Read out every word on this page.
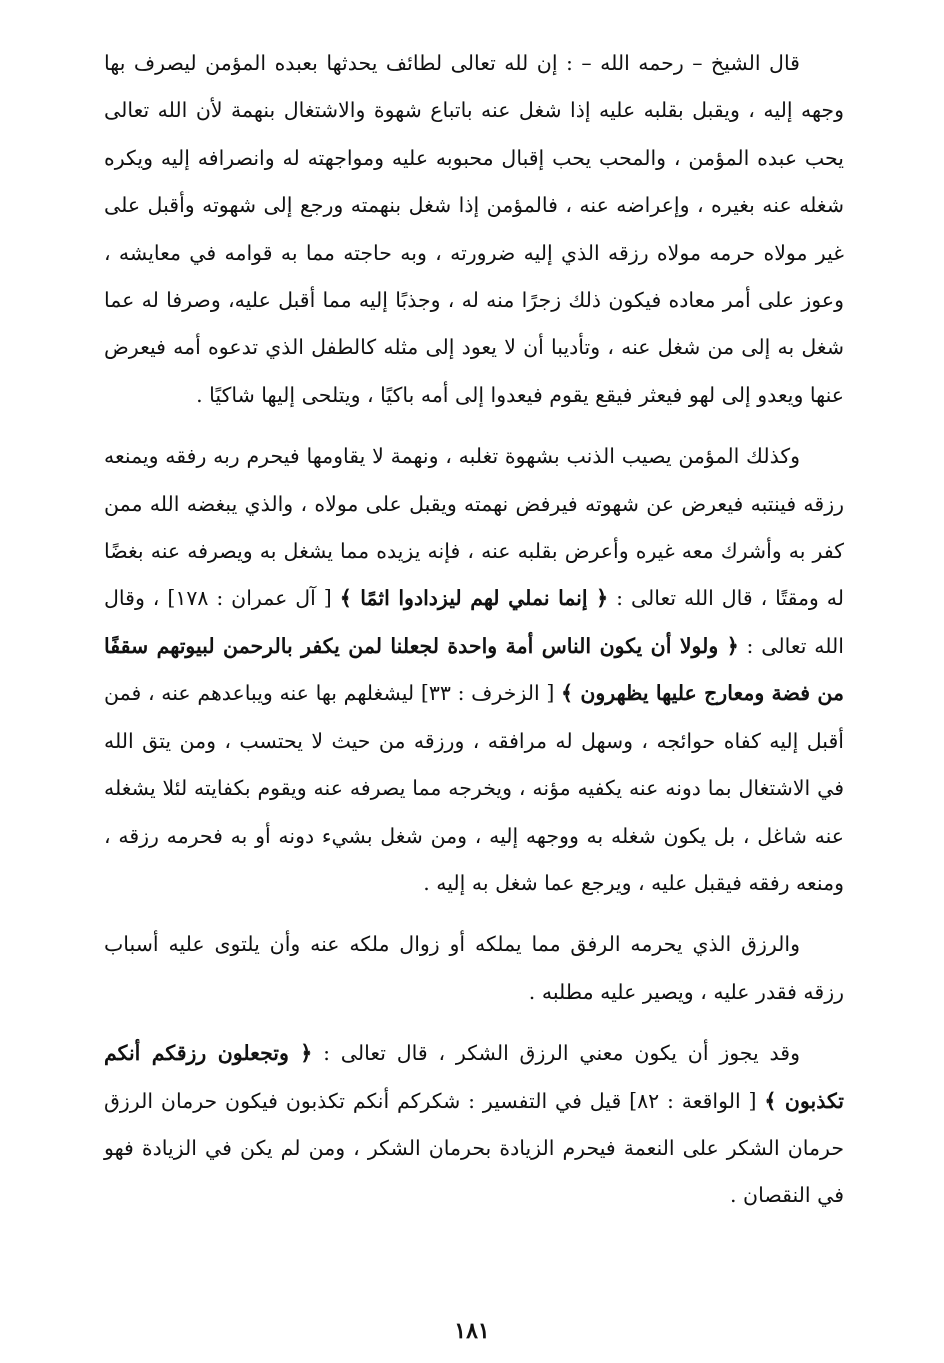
قال الشيخ – رحمه الله – : إن لله تعالى لطائف يحدثها بعبده المؤمن ليصرف بها وجهه إليه ، ويقبل بقلبه عليه إذا شغل عنه باتباع شهوة والاشتغال بنهمة لأن الله تعالى يحب عبده المؤمن ، والمحب يحب إقبال محبوبه عليه ومواجهته له وانصرافه إليه ويكره شغله عنه بغيره ، وإعراضه عنه ، فالمؤمن إذا شغل بنهمته ورجع إلى شهوته وأقبل على غير مولاه حرمه مولاه رزقه الذي إليه ضرورته ، وبه حاجته مما به قوامه في معايشه ، وعوز على أمر معاده فيكون ذلك زجرًا منه له ، وجذبًا إليه مما أقبل عليه، وصرفا له عما شغل به إلى من شغل عنه ، وتأديبا أن لا يعود إلى مثله كالطفل الذي تدعوه أمه فيعرض عنها ويعدو إلى لهو فيعثر فيقع يقوم فيعدوا إلى أمه باكيًا ، ويتلحى إليها شاكيًا .

وكذلك المؤمن يصيب الذنب بشهوة تغلبه ، ونهمة لا يقاومها فيحرم ربه رفقه ويمنعه رزقه فينتبه فيعرض عن شهوته فيرفض نهمته ويقبل على مولاه ، والذي يبغضه الله ممن كفر به وأشرك معه غيره وأعرض بقلبه عنه ، فإنه يزيده مما يشغل به ويصرفه عنه بغضًا له ومقتًا ، قال الله تعالى : ﴿ إنما نملي لهم ليزدادوا اثمًا ﴾ [ آل عمران : ١٧٨] ، وقال الله تعالى : ﴿ ولولا أن يكون الناس أمة واحدة لجعلنا لمن يكفر بالرحمن لبيوتهم سقفًا من فضة ومعارج عليها يظهرون ﴾ [ الزخرف : ٣٣] ليشغلهم بها عنه ويباعدهم عنه ، فمن أقبل إليه كفاه حوائجه ، وسهل له مرافقه ، ورزقه من حيث لا يحتسب ، ومن يتق الله في الاشتغال بما دونه عنه يكفيه مؤنه ، ويخرجه مما يصرفه عنه ويقوم بكفايته لئلا يشغله عنه شاغل ، بل يكون شغله به ووجهه إليه ، ومن شغل بشيء دونه أو به فحرمه رزقه ، ومنعه رفقه فيقبل عليه ، ويرجع عما شغل به إليه .

والرزق الذي يحرمه الرفق مما يملكه أو زوال ملكه عنه وأن يلتوى عليه أسباب رزقه فقدر عليه ، ويصير عليه مطلبه .

وقد يجوز أن يكون معني الرزق الشكر ، قال تعالى : ﴿ وتجعلون رزقكم أنكم تكذبون ﴾ [ الواقعة : ٨٢] قيل في التفسير : شكركم أنكم تكذبون فيكون حرمان الرزق حرمان الشكر على النعمة فيحرم الزيادة بحرمان الشكر ، ومن لم يكن في الزيادة فهو في النقصان .

١٨١
